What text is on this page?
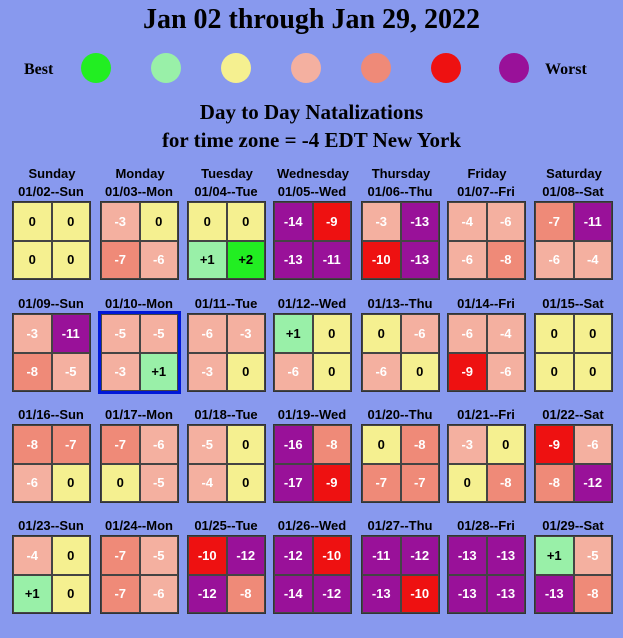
Jan 02 through Jan 29, 2022
Best	Worst
Day to Day Natalizations
for time zone = -4 EDT New York
Sunday	Monday	Tuesday	Wednesday	Thursday	Friday	Saturday
01/02--Sun
0	0
0	0
01/03--Mon
-3	0
-7	-6
01/04--Tue
0	0
+1	+2
01/05--Wed
-14	-9
-13	-11
01/06--Thu
-3	-13
-10	-13
01/07--Fri
-4	-6
-6	-8
01/08--Sat
-7	-11
-6	-4
01/09--Sun
-3	-11
-8	-5
01/10--Mon
-5	-5
-3	+1
01/11--Tue
-6	-3
-3	0
01/12--Wed
+1	0
-6	0
01/13--Thu
0	-6
-6	0
01/14--Fri
-6	-4
-9	-6
01/15--Sat
0	0
0	0
01/16--Sun
-8	-7
-6	0
01/17--Mon
-7	-6
0	-5
01/18--Tue
-5	0
-4	0
01/19--Wed
-16	-8
-17	-9
01/20--Thu
0	-8
-7	-7
01/21--Fri
-3	0
0	-8
01/22--Sat
-9	-6
-8	-12
01/23--Sun
-4	0
+1	0
01/24--Mon
-7	-5
-7	-6
01/25--Tue
-10	-12
-12	-8
01/26--Wed
-12	-10
-14	-12
01/27--Thu
-11	-12
-13	-10
01/28--Fri
-13	-13
-13	-13
01/29--Sat
+1	-5
-13	-8
